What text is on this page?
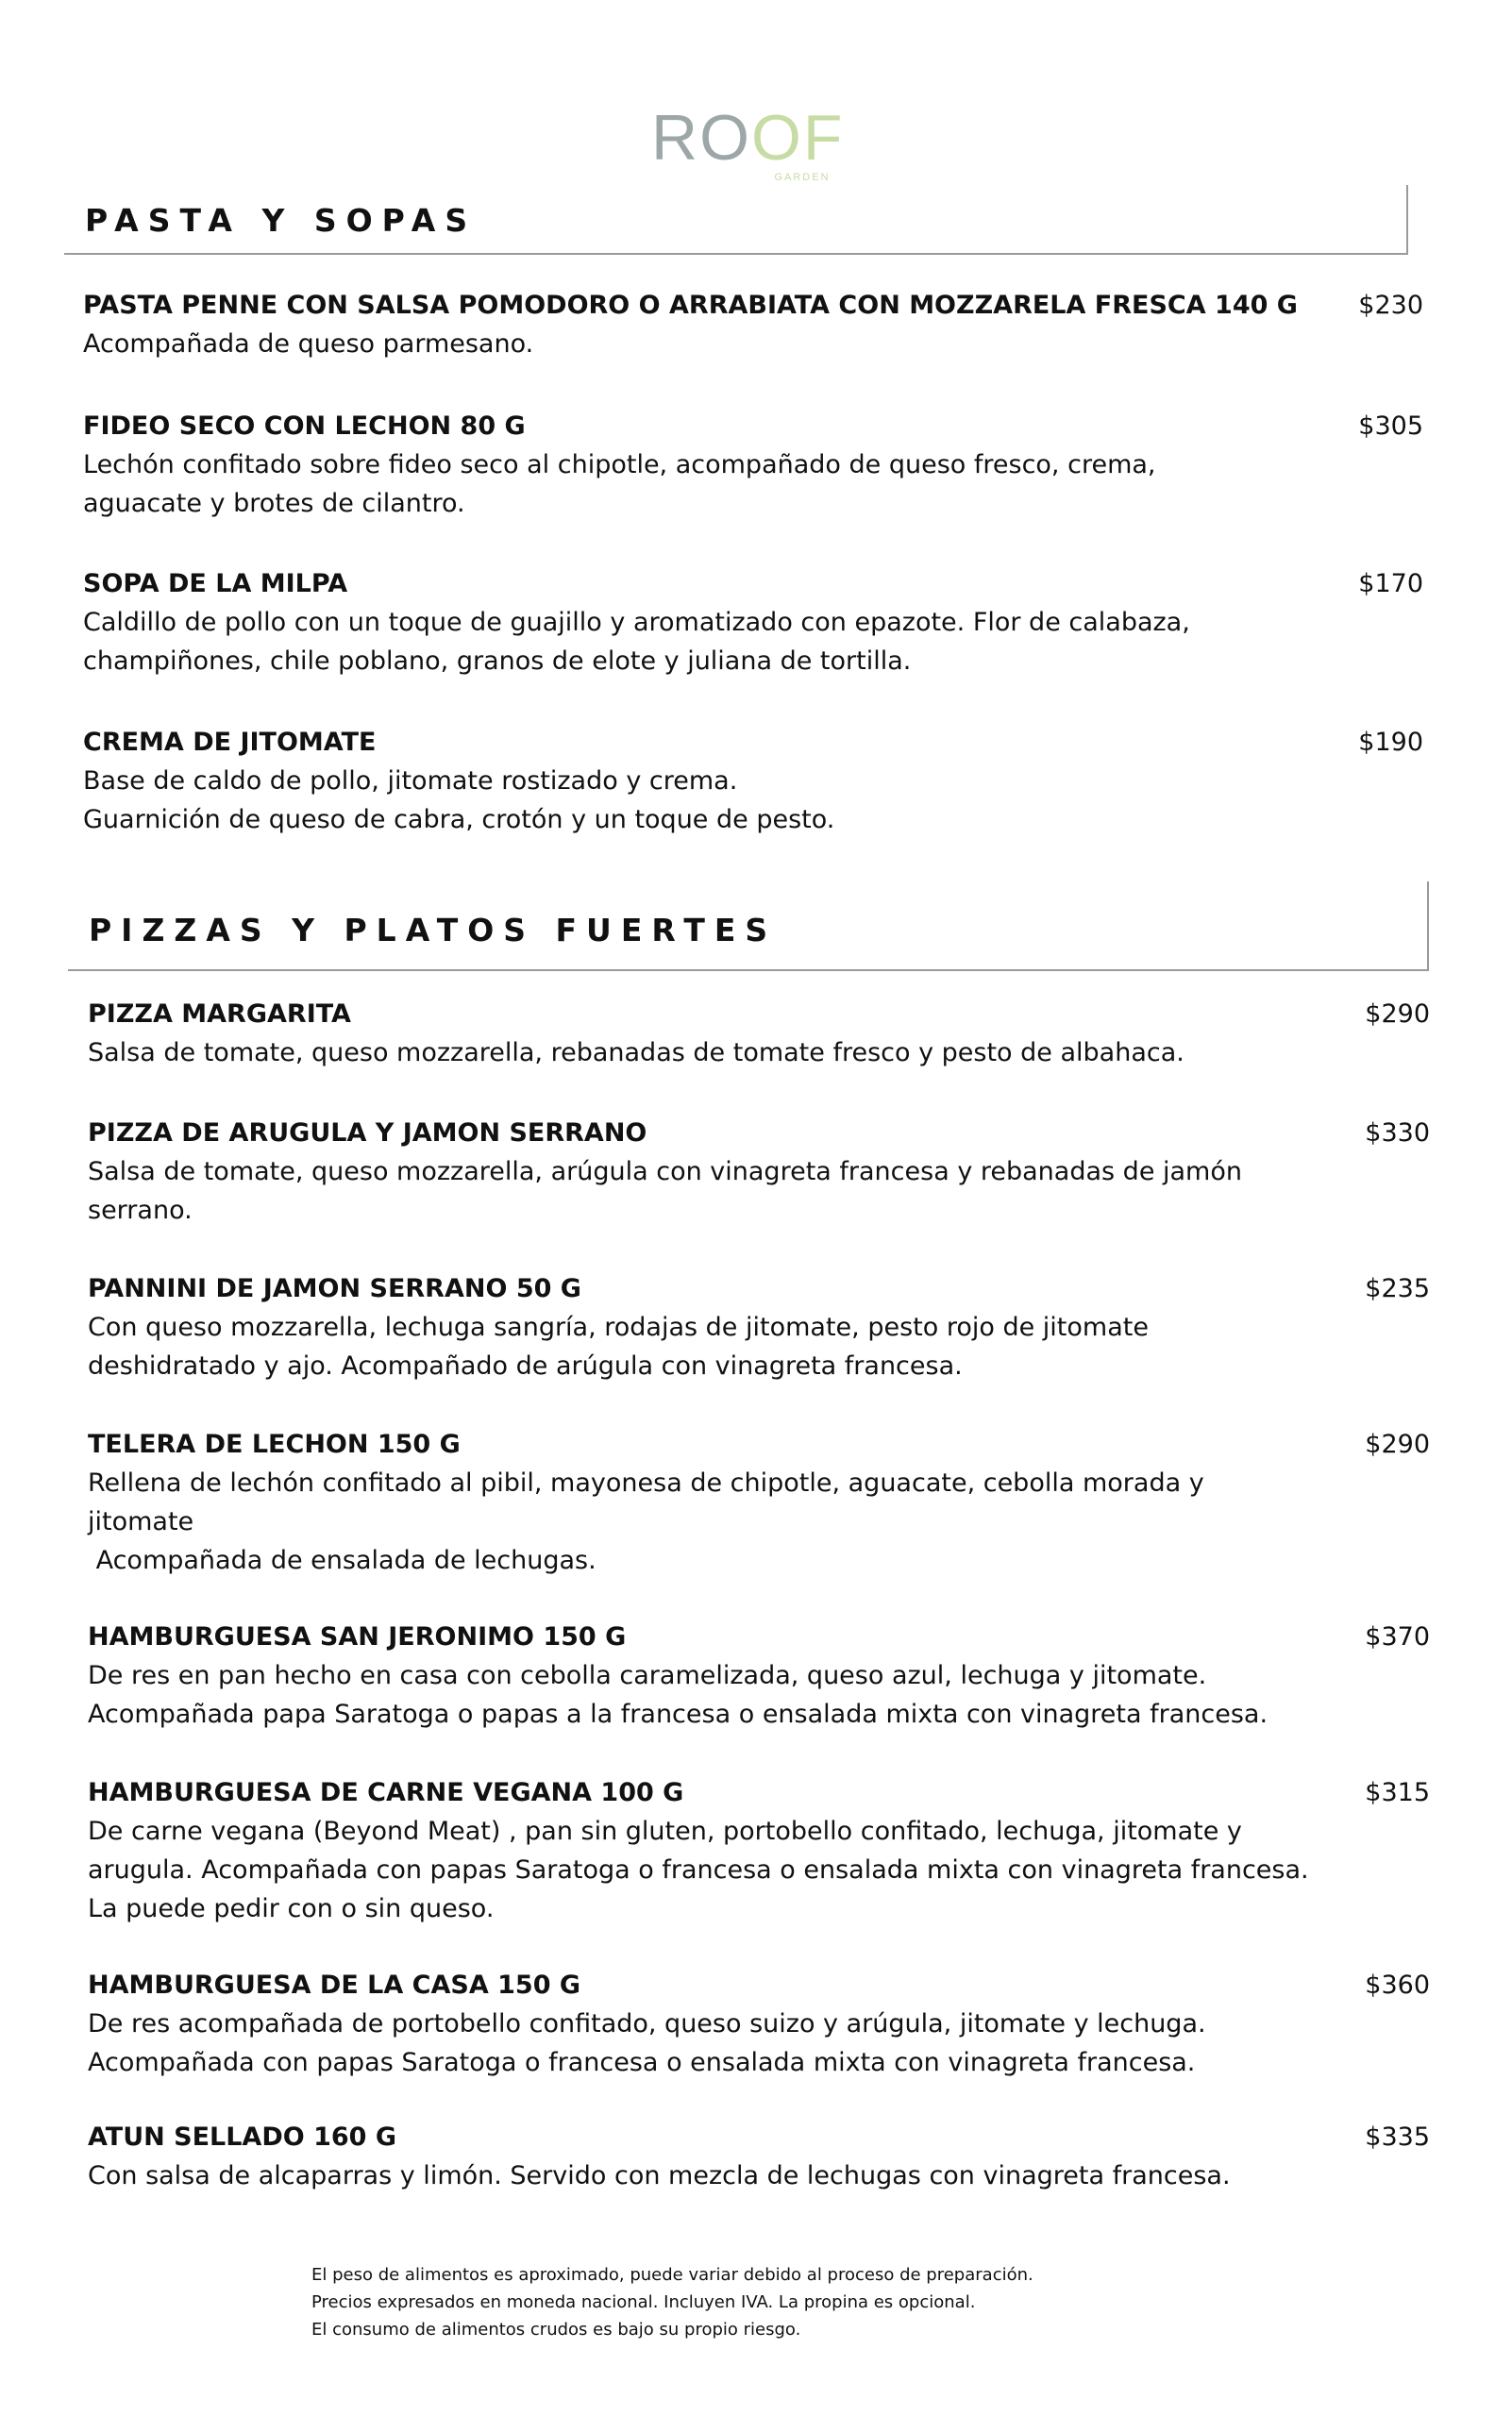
ROOF
GARDEN
PASTA Y SOPAS

PASTA PENNE CON SALSA POMODORO O ARRABIATA CON MOZZARELA FRESCA 140 G

Acompañada de queso parmesano.

$230

FIDEO SECO CON LECHON 80 G

Lechón confitado sobre fideo seco al chipotle, acompañado de queso fresco, crema,

aguacate y brotes de cilantro.

$305

SOPA DE LA MILPA

Caldillo de pollo con un toque de guajillo y aromatizado con epazote. Flor de calabaza,

champiñones, chile poblano, granos de elote y juliana de tortilla.

$170

CREMA DE JITOMATE

Base de caldo de pollo, jitomate rostizado y crema.

Guarnición de queso de cabra, crotón y un toque de pesto.

$190
PIZZAS Y PLATOS FUERTES

PIZZA MARGARITA

Salsa de tomate, queso mozzarella, rebanadas de tomate fresco y pesto de albahaca.

$290

PIZZA DE ARUGULA Y JAMON SERRANO

Salsa de tomate, queso mozzarella, arúgula con vinagreta francesa y rebanadas de jamón

serrano.

$330

PANNINI DE JAMON SERRANO 50 G

Con queso mozzarella, lechuga sangría, rodajas de jitomate, pesto rojo de jitomate

deshidratado y ajo. Acompañado de arúgula con vinagreta francesa.

$235

TELERA DE LECHON 150 G

Rellena de lechón confitado al pibil, mayonesa de chipotle, aguacate, cebolla morada y

jitomate

Acompañada de ensalada de lechugas.

$290

HAMBURGUESA SAN JERONIMO 150 G

De res en pan hecho en casa con cebolla caramelizada, queso azul, lechuga y jitomate.

Acompañada papa Saratoga o papas a la francesa o ensalada mixta con vinagreta francesa.

$370

HAMBURGUESA DE CARNE VEGANA 100 G

De carne vegana (Beyond Meat) , pan sin gluten, portobello confitado, lechuga, jitomate y

arugula. Acompañada con papas Saratoga o francesa o ensalada mixta con vinagreta francesa.

La puede pedir con o sin queso.

$315

HAMBURGUESA DE LA CASA 150 G

De res acompañada de portobello confitado, queso suizo y arúgula, jitomate y lechuga.

Acompañada con papas Saratoga o francesa o ensalada mixta con vinagreta francesa.

$360

ATUN SELLADO 160 G

Con salsa de alcaparras y limón. Servido con mezcla de lechugas con vinagreta francesa.

$335

El peso de alimentos es aproximado, puede variar debido al proceso de preparación.

Precios expresados en moneda nacional. Incluyen IVA. La propina es opcional.

El consumo de alimentos crudos es bajo su propio riesgo.
